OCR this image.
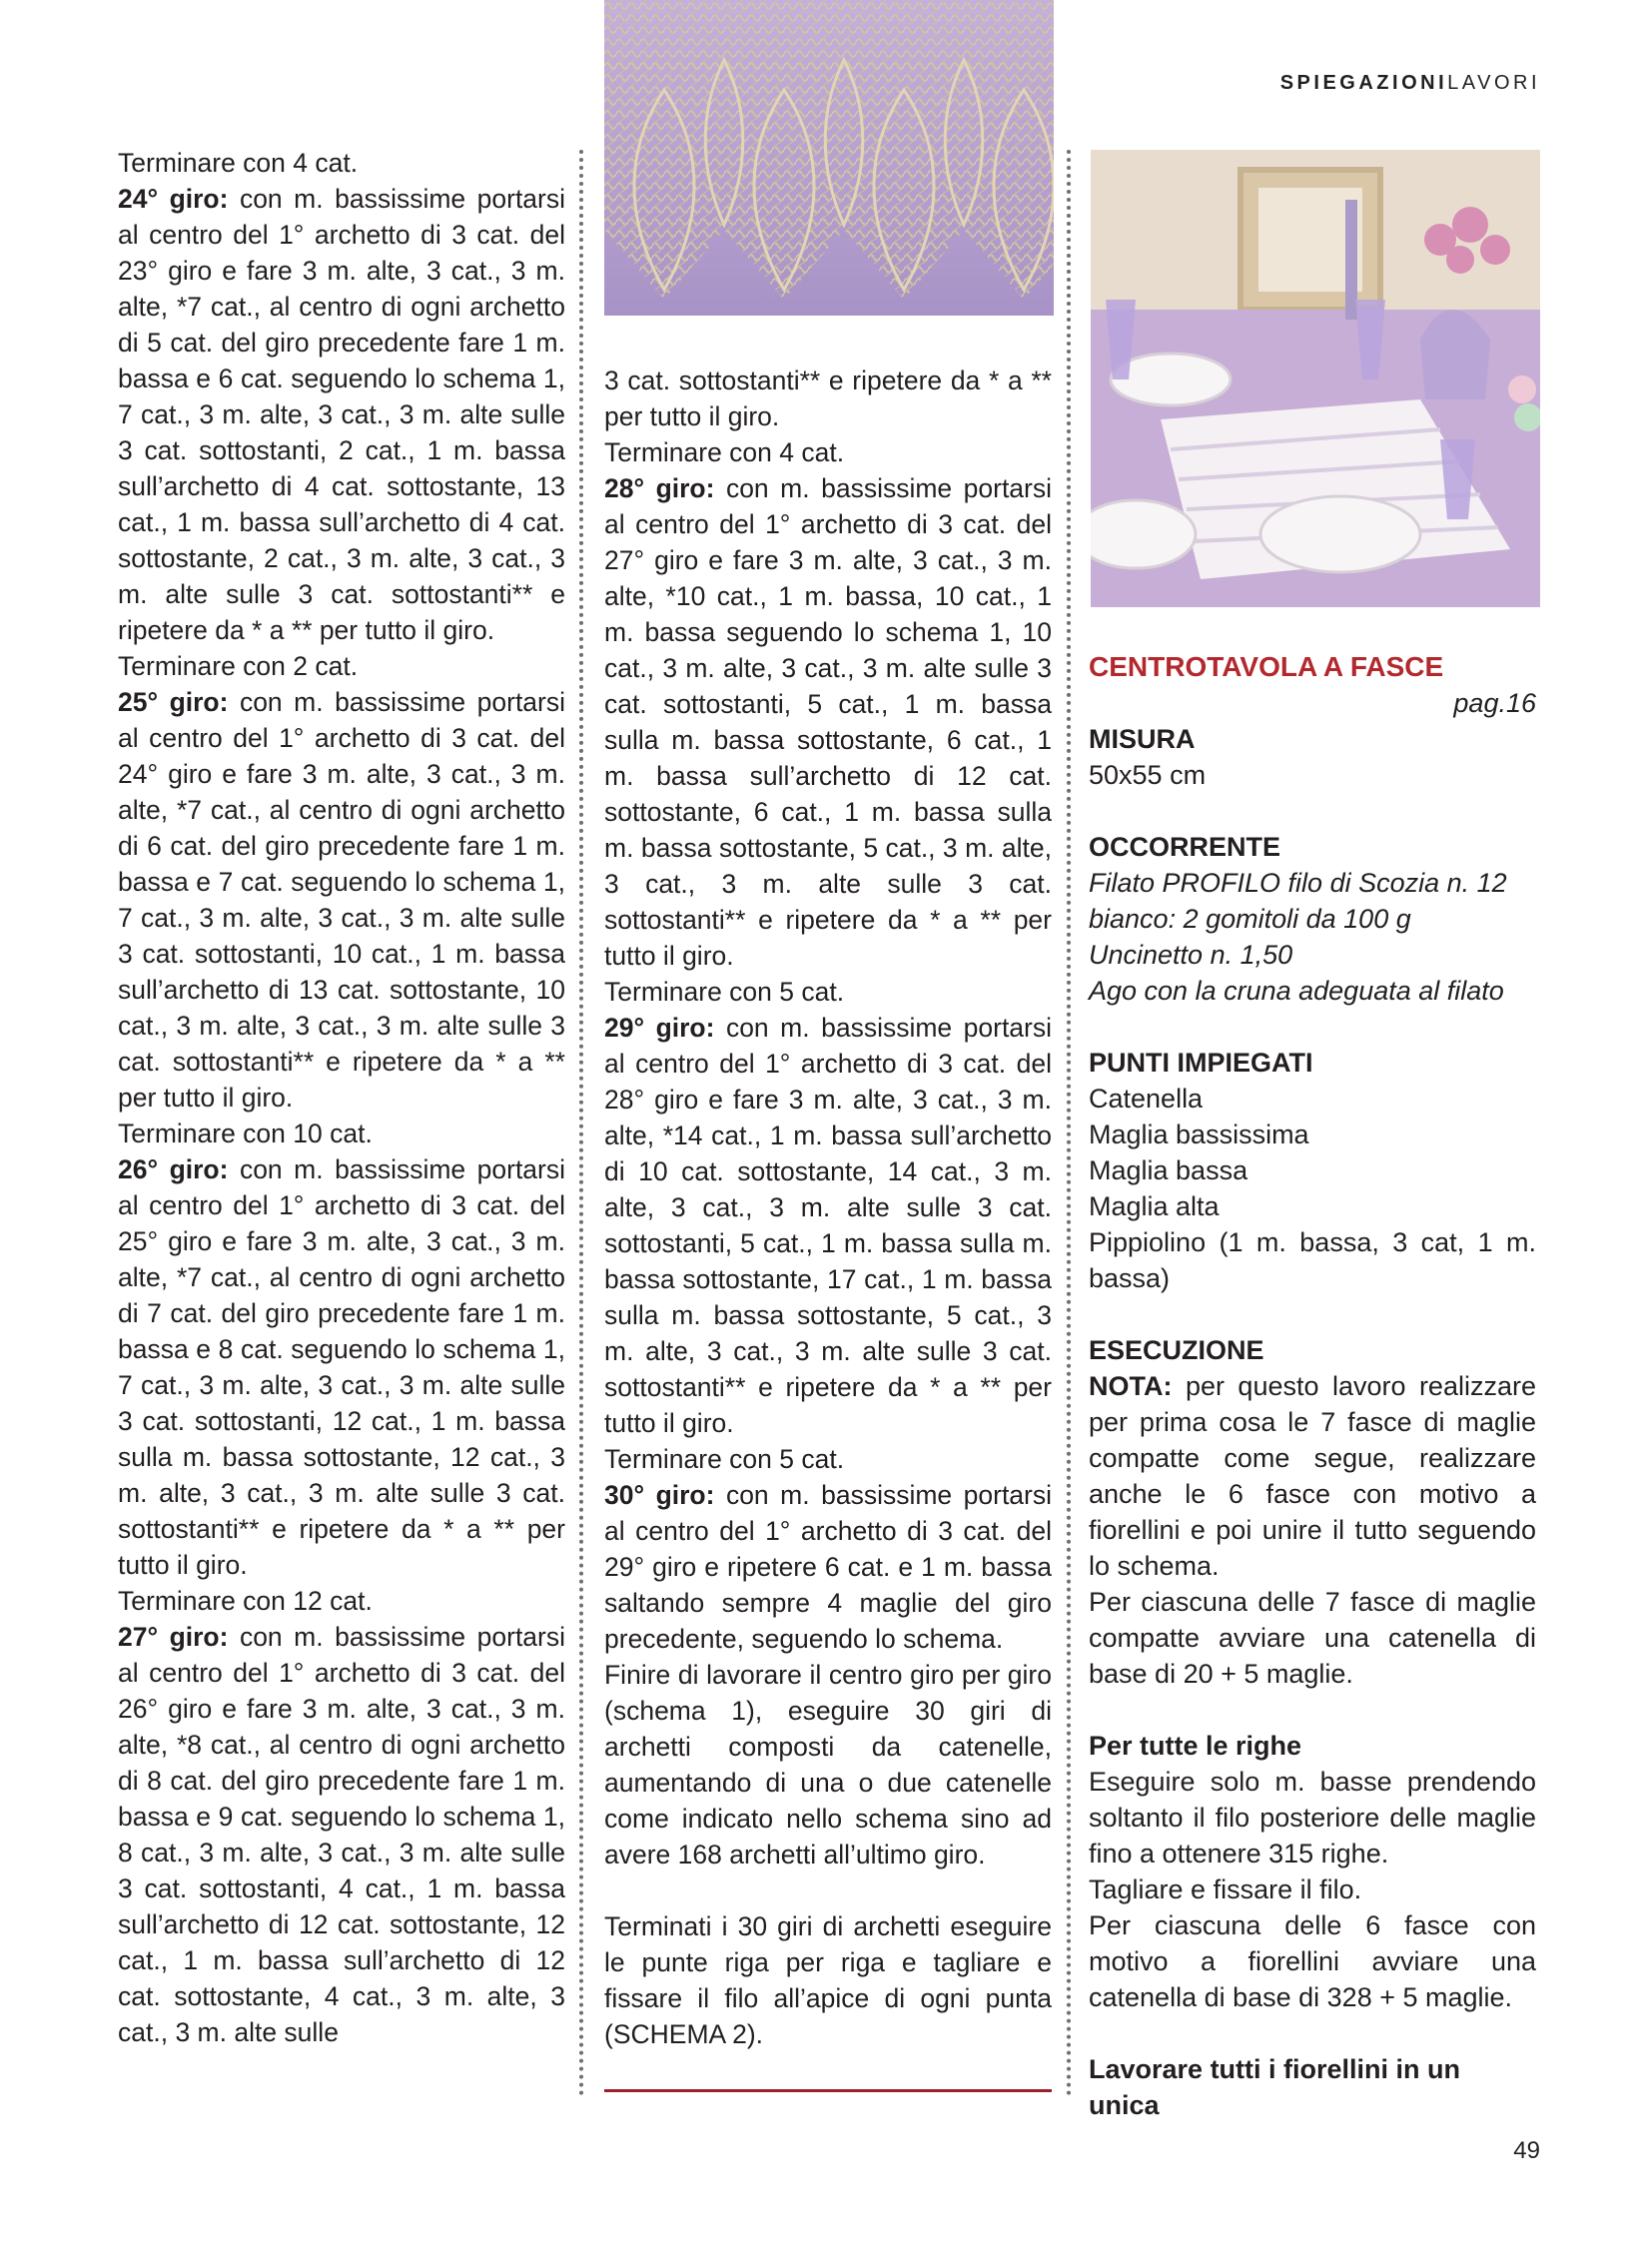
SPIEGAZIONILAVORI

Terminare con 4 cat.

24° giro: con m. bassissime portarsi al centro del 1° archetto di 3 cat. del 23° giro e fare 3 m. alte, 3 cat., 3 m. alte, *7 cat., al centro di ogni archetto di 5 cat. del giro precedente fare 1 m. bassa e 6 cat. seguendo lo schema 1, 7 cat., 3 m. alte, 3 cat., 3 m. alte sulle 3 cat. sottostanti, 2 cat., 1 m. bassa sull’archetto di 4 cat. sottostante, 13 cat., 1 m. bassa sull’archetto di 4 cat. sottostante, 2 cat., 3 m. alte, 3 cat., 3 m. alte sulle 3 cat. sottostanti** e ripetere da * a ** per tutto il giro.

Terminare con 2 cat.

25° giro: con m. bassissime portarsi al centro del 1° archetto di 3 cat. del 24° giro e fare 3 m. alte, 3 cat., 3 m. alte, *7 cat., al centro di ogni archetto di 6 cat. del giro precedente fare 1 m. bassa e 7 cat. seguendo lo schema 1, 7 cat., 3 m. alte, 3 cat., 3 m. alte sulle 3 cat. sottostanti, 10 cat., 1 m. bassa sull’archetto di 13 cat. sottostante, 10 cat., 3 m. alte, 3 cat., 3 m. alte sulle 3 cat. sottostanti** e ripetere da * a ** per tutto il giro.

Terminare con 10 cat.

26° giro: con m. bassissime portarsi al centro del 1° archetto di 3 cat. del 25° giro e fare 3 m. alte, 3 cat., 3 m. alte, *7 cat., al centro di ogni archetto di 7 cat. del giro precedente fare 1 m. bassa e 8 cat. seguendo lo schema 1, 7 cat., 3 m. alte, 3 cat., 3 m. alte sulle 3 cat. sottostanti, 12 cat., 1 m. bassa sulla m. bassa sottostante, 12 cat., 3 m. alte, 3 cat., 3 m. alte sulle 3 cat. sottostanti** e ripetere da * a ** per tutto il giro.

Terminare con 12 cat.

27° giro: con m. bassissime portarsi al centro del 1° archetto di 3 cat. del 26° giro e fare 3 m. alte, 3 cat., 3 m. alte, *8 cat., al centro di ogni archetto di 8 cat. del giro precedente fare 1 m. bassa e 9 cat. seguendo lo schema 1, 8 cat., 3 m. alte, 3 cat., 3 m. alte sulle 3 cat. sottostanti, 4 cat., 1 m. bassa sull’archetto di 12 cat. sottostante, 12 cat., 1 m. bassa sull’archetto di 12 cat. sottostante, 4 cat., 3 m. alte, 3 cat., 3 m. alte sulle

3 cat. sottostanti** e ripetere da * a ** per tutto il giro.

Terminare con 4 cat.

28° giro: con m. bassissime portarsi al centro del 1° archetto di 3 cat. del 27° giro e fare 3 m. alte, 3 cat., 3 m. alte, *10 cat., 1 m. bassa, 10 cat., 1 m. bassa seguendo lo schema 1, 10 cat., 3 m. alte, 3 cat., 3 m. alte sulle 3 cat. sottostanti, 5 cat., 1 m. bassa sulla m. bassa sottostante, 6 cat., 1 m. bassa sull’archetto di 12 cat. sottostante, 6 cat., 1 m. bassa sulla m. bassa sottostante, 5 cat., 3 m. alte, 3 cat., 3 m. alte sulle 3 cat. sottostanti** e ripetere da * a ** per tutto il giro.

Terminare con 5 cat.

29° giro: con m. bassissime portarsi al centro del 1° archetto di 3 cat. del 28° giro e fare 3 m. alte, 3 cat., 3 m. alte, *14 cat., 1 m. bassa sull’archetto di 10 cat. sottostante, 14 cat., 3 m. alte, 3 cat., 3 m. alte sulle 3 cat. sottostanti, 5 cat., 1 m. bassa sulla m. bassa sottostante, 17 cat., 1 m. bassa sulla m. bassa sottostante, 5 cat., 3 m. alte, 3 cat., 3 m. alte sulle 3 cat. sottostanti** e ripetere da * a ** per tutto il giro.

Terminare con 5 cat.

30° giro: con m. bassissime portarsi al centro del 1° archetto di 3 cat. del 29° giro e ripetere 6 cat. e 1 m. bassa saltando sempre 4 maglie del giro precedente, seguendo lo schema.

Finire di lavorare il centro giro per giro (schema 1), eseguire 30 giri di archetti composti da catenelle, aumentando di una o due catenelle come indicato nello schema sino ad avere 168 archetti all’ultimo giro.

Terminati i 30 giri di archetti eseguire le punte riga per riga e tagliare e fissare il filo all’apice di ogni punta (SCHEMA 2).

CENTROTAVOLA A FASCE

pag.16

MISURA

50x55 cm

OCCORRENTE

Filato PROFILO filo di Scozia n. 12 bianco: 2 gomitoli da 100 g

Uncinetto n. 1,50

Ago con la cruna adeguata al filato

PUNTI IMPIEGATI

Catenella

Maglia bassissima

Maglia bassa

Maglia alta

Pippiolino (1 m. bassa, 3 cat, 1 m. bassa)

ESECUZIONE

NOTA: per questo lavoro realizzare per prima cosa le 7 fasce di maglie compatte come segue, realizzare anche le 6 fasce con motivo a fiorellini e poi unire il tutto seguendo lo schema.

Per ciascuna delle 7 fasce di maglie compatte avviare una catenella di base di 20 + 5 maglie.

Per tutte le righe

Eseguire solo m. basse prendendo soltanto il filo posteriore delle maglie fino a ottenere 315 righe.

Tagliare e fissare il filo.

Per ciascuna delle 6 fasce con motivo a fiorellini avviare una catenella di base di 328 + 5 maglie.

Lavorare tutti i fiorellini in un unica

49
